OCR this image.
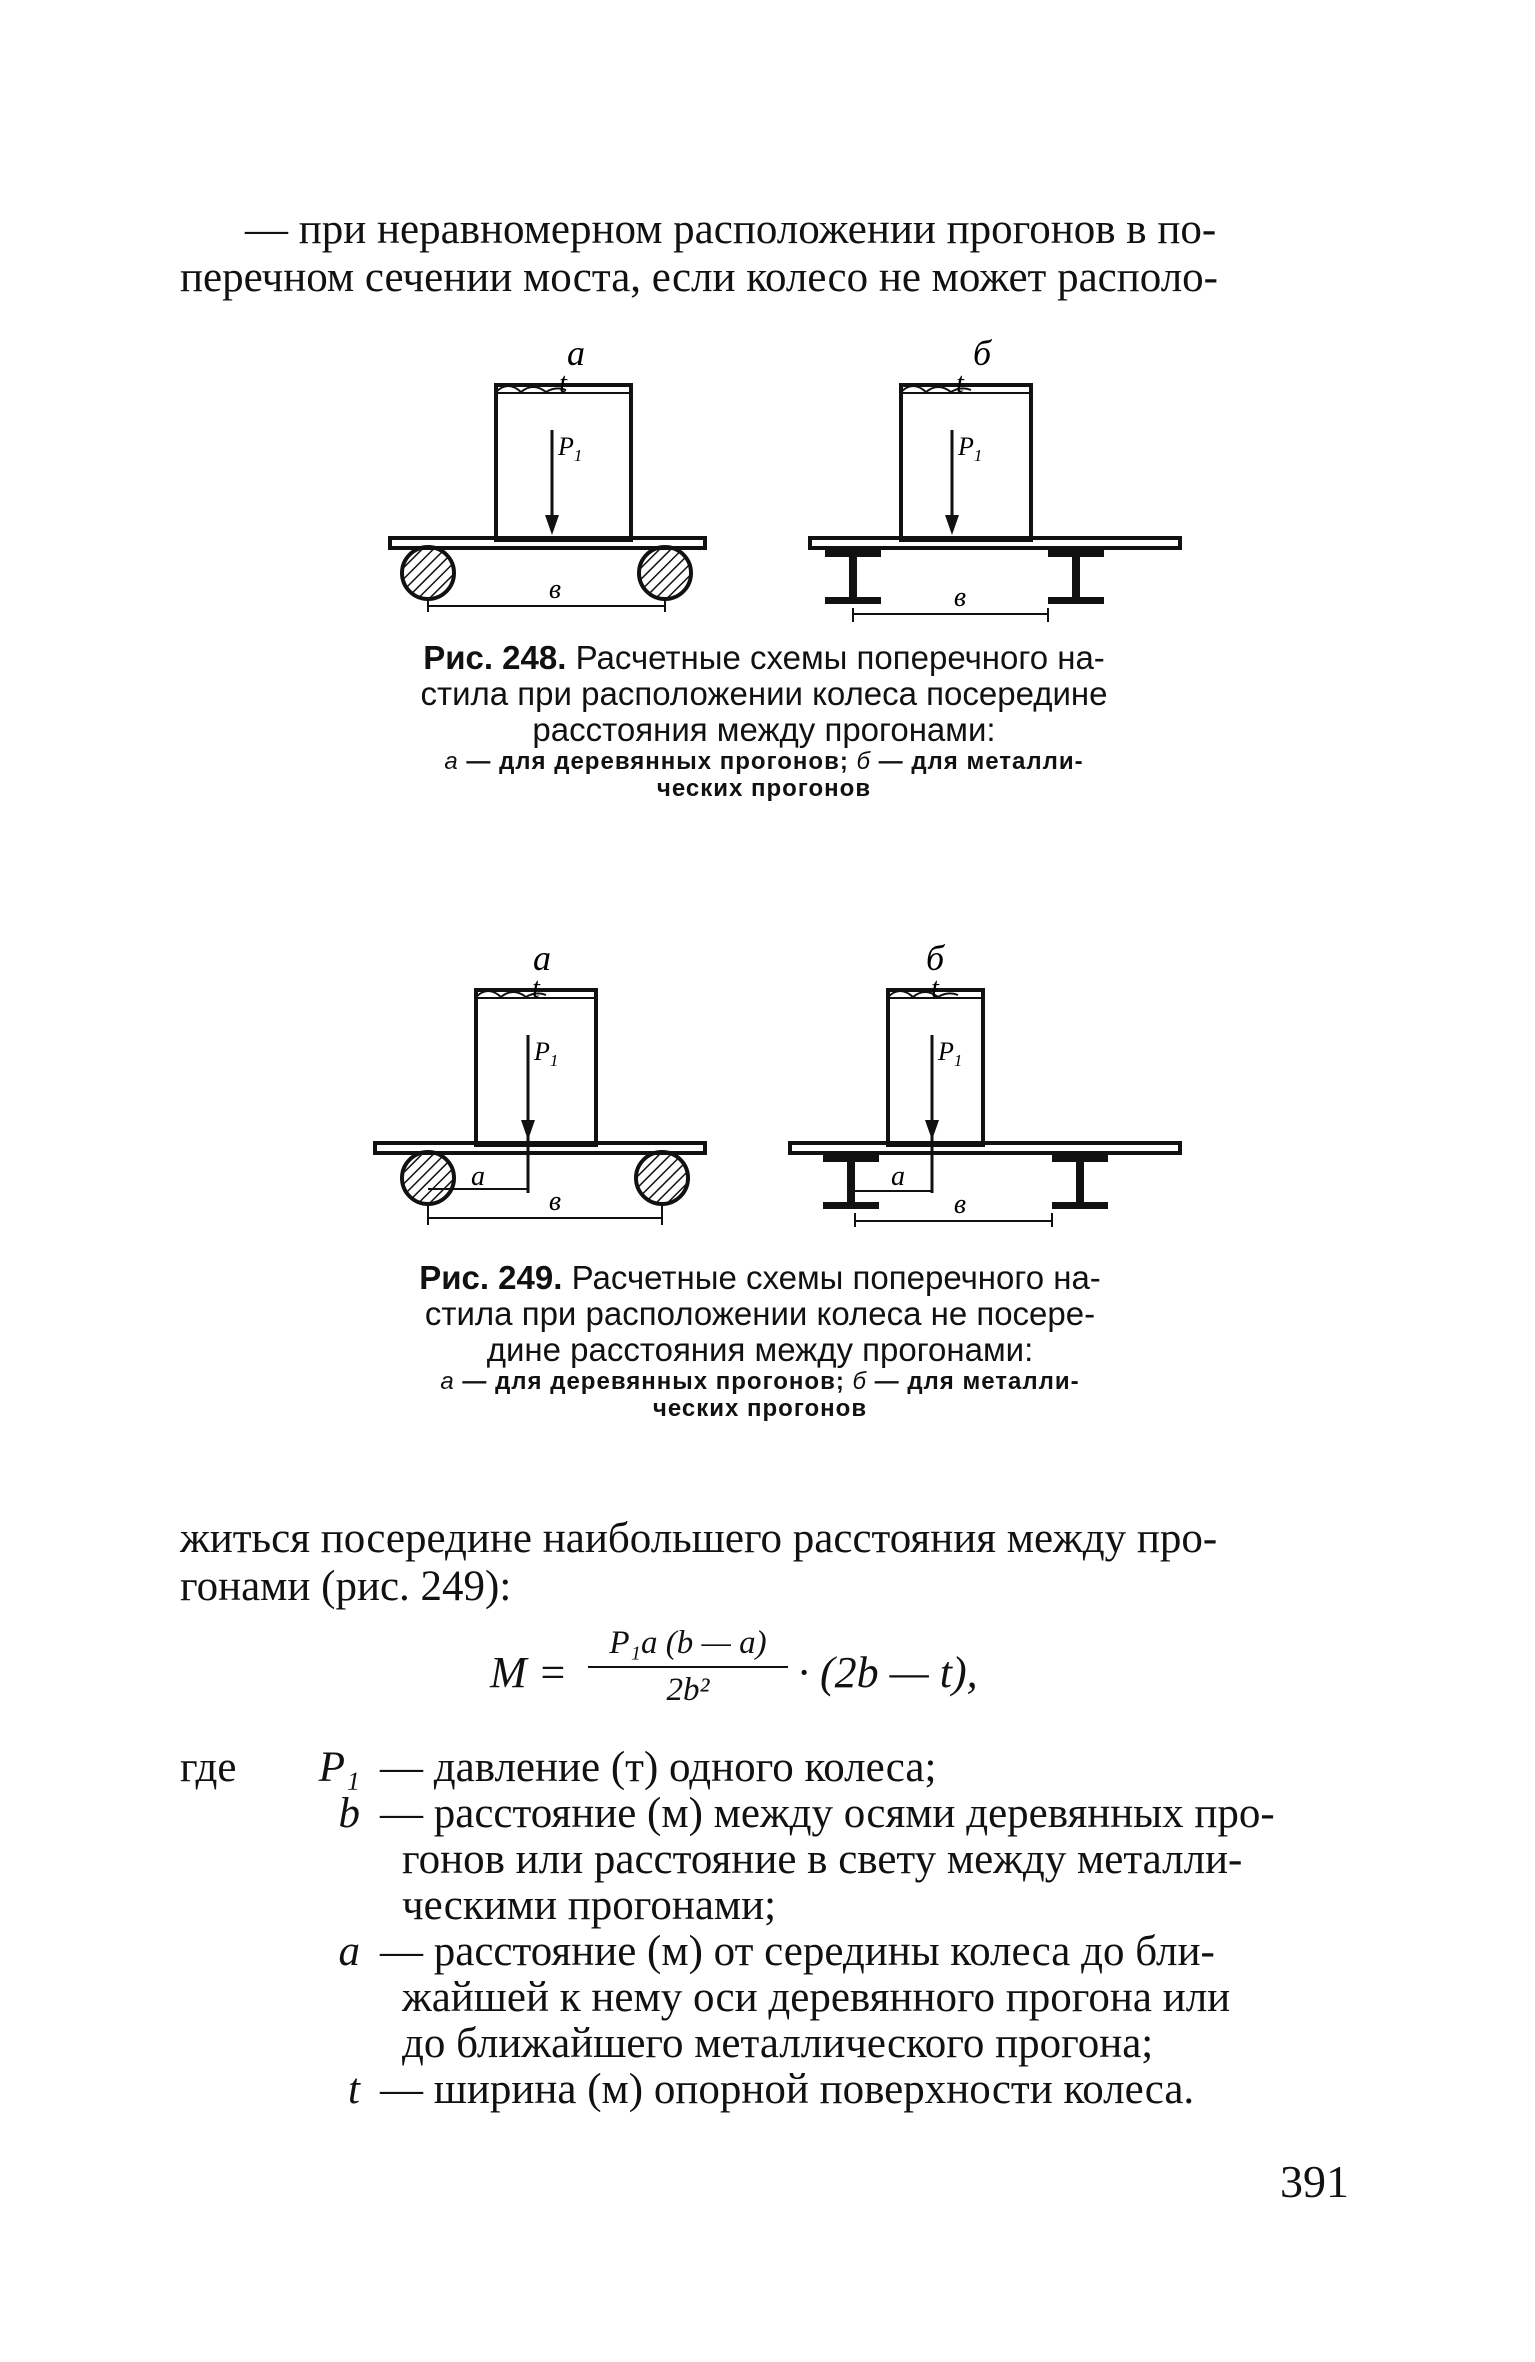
— при неравномерном расположении прогонов в по-
перечном сечении моста, если колесо не может располо-
а
t
$P_1$
в
б
t
$P_1$
в
Рис. 248. Расчетные схемы поперечного на-
стила при расположении колеса посередине
расстояния между прогонами:
а — для деревянных прогонов; б — для металли-
ческих прогонов
а
t
$P_1$
а
в
б
t
$P_1$
а
в
Рис. 249. Расчетные схемы поперечного на-
стила при расположении колеса не посере-
дине расстояния между прогонами:
а — для деревянных прогонов; б — для металли-
ческих прогонов
житься посередине наибольшего расстояния между про-
гонами (рис. 249):
$M = \frac{\text{P₁a (b — a)}}{\text{2b²}} \cdot (2b$ — t),
где	P₁ — давление (т) одного колеса;
b — расстояние (м) между осями деревянных про-
гонов или расстояние в свету между металли-
ческими прогонами;
a — расстояние (м) от середины колеса до бли-
жайшей к нему оси деревянного прогона или
до ближайшего металлического прогона;
t — ширина (м) опорной поверхности колеса.
391
